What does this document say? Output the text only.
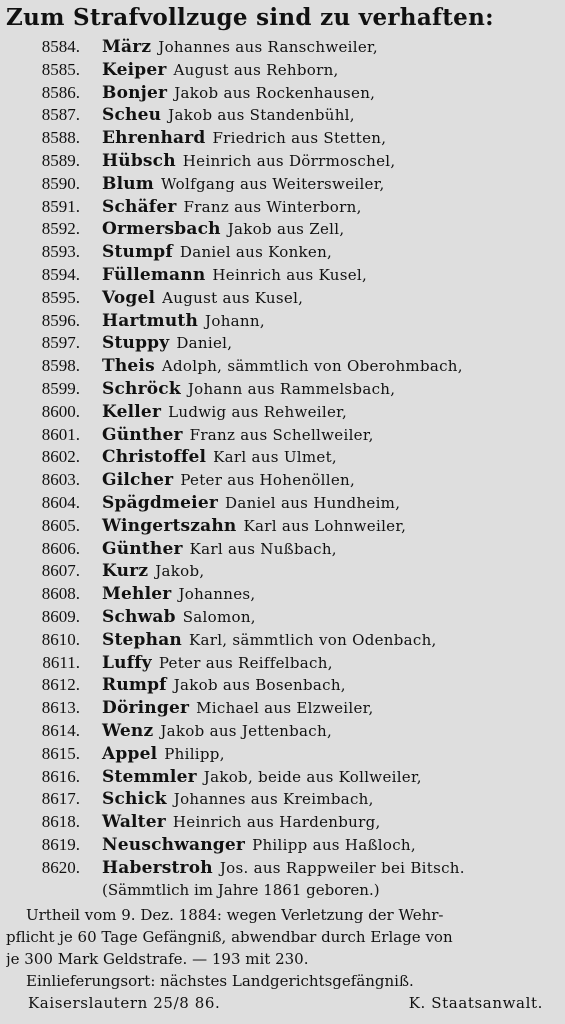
Zum Strafvollzuge sind zu verhaften:
8584.	März Johannes aus Ranschweiler,
8585.	Keiper August aus Rehborn,
8586.	Bonjer Jakob aus Rockenhausen,
8587.	Scheu Jakob aus Standenbühl,
8588.	Ehrenhard Friedrich aus Stetten,
8589.	Hübsch Heinrich aus Dörrmoschel,
8590.	Blum Wolfgang aus Weitersweiler,
8591.	Schäfer Franz aus Winterborn,
8592.	Ormersbach Jakob aus Zell,
8593.	Stumpf Daniel aus Konken,
8594.	Füllemann Heinrich aus Kusel,
8595.	Vogel August aus Kusel,
8596.	Hartmuth Johann,
8597.	Stuppy Daniel,
8598.	Theis Adolph, sämmtlich von Oberohmbach,
8599.	Schröck Johann aus Rammelsbach,
8600.	Keller Ludwig aus Rehweiler,
8601.	Günther Franz aus Schellweiler,
8602.	Christoffel Karl aus Ulmet,
8603.	Gilcher Peter aus Hohenöllen,
8604.	Spägdmeier Daniel aus Hundheim,
8605.	Wingertszahn Karl aus Lohnweiler,
8606.	Günther Karl aus Nußbach,
8607.	Kurz Jakob,
8608.	Mehler Johannes,
8609.	Schwab Salomon,
8610.	Stephan Karl, sämmtlich von Odenbach,
8611.	Luffy Peter aus Reiffelbach,
8612.	Rumpf Jakob aus Bosenbach,
8613.	Döringer Michael aus Elzweiler,
8614.	Wenz Jakob aus Jettenbach,
8615.	Appel Philipp,
8616.	Stemmler Jakob, beide aus Kollweiler,
8617.	Schick Johannes aus Kreimbach,
8618.	Walter Heinrich aus Hardenburg,
8619.	Neuschwanger Philipp aus Haßloch,
8620.	Haberstroh Jos. aus Rappweiler bei Bitsch.
(Sämmtlich im Jahre 1861 geboren.)
Urtheil vom 9. Dez. 1884: wegen Verletzung der Wehr-
pflicht je 60 Tage Gefängniß, abwendbar durch Erlage von
je 300 Mark Geldstrafe. — 193 mit 230.
Einlieferungsort: nächstes Landgerichtsgefängniß.
Kaiserslautern 25/8 86.	K. Staatsanwalt.
